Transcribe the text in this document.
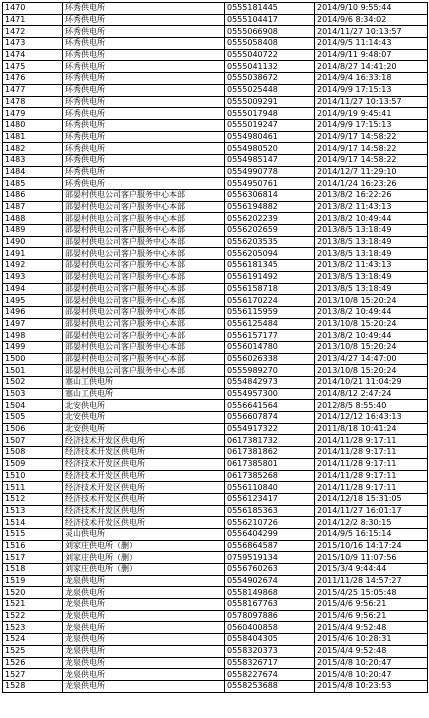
1470	环秀供电所	0555181445	2014/9/10 9:55:44
1471	环秀供电所	0555104417	2014/9/6 8:34:02
1472	环秀供电所	0555066908	2014/11/27 10:13:57
1473	环秀供电所	0555058408	2014/9/5 11:14:43
1474	环秀供电所	0555040722	2014/9/11 9:48:07
1475	环秀供电所	0555041132	2014/8/27 14:41:20
1476	环秀供电所	0555038672	2014/9/4 16:33:18
1477	环秀供电所	0555025448	2014/9/9 17:15:13
1478	环秀供电所	0555009291	2014/11/27 10:13:57
1479	环秀供电所	0555017948	2014/9/19 9:45:41
1480	环秀供电所	0555019247	2014/9/9 17:15:13
1481	环秀供电所	0554980461	2014/9/17 14:58:22
1482	环秀供电所	0554980520	2014/9/17 14:58:22
1483	环秀供电所	0554985147	2014/9/17 14:58:22
1484	环秀供电所	0554990778	2014/12/7 11:29:10
1485	环秀供电所	0554950761	2014/1/24 16:23:26
1486	邵晏村供电公司客户服务中心本部	0556306814	2013/8/2 16:22:26
1487	邵晏村供电公司客户服务中心本部	0556194882	2013/8/2 11:43:13
1488	邵晏村供电公司客户服务中心本部	0556202239	2013/8/2 10:49:44
1489	邵晏村供电公司客户服务中心本部	0556202659	2013/8/5 13:18:49
1490	邵晏村供电公司客户服务中心本部	0556203535	2013/8/5 13:18:49
1491	邵晏村供电公司客户服务中心本部	0556205094	2013/8/5 13:18:49
1492	邵晏村供电公司客户服务中心本部	0556181345	2013/8/2 11:43:13
1493	邵晏村供电公司客户服务中心本部	0556191492	2013/8/5 13:18:49
1494	邵晏村供电公司客户服务中心本部	0556158718	2013/8/5 13:18:49
1495	邵晏村供电公司客户服务中心本部	0556170224	2013/10/8 15:20:24
1496	邵晏村供电公司客户服务中心本部	0556115959	2013/8/2 10:49:44
1497	邵晏村供电公司客户服务中心本部	0556125484	2013/10/8 15:20:24
1498	邵晏村供电公司客户服务中心本部	0556157177	2013/8/2 10:49:44
1499	邵晏村供电公司客户服务中心本部	0556014780	2013/10/8 15:20:24
1500	邵晏村供电公司客户服务中心本部	0556026338	2013/4/27 14:47:00
1501	邵晏村供电公司客户服务中心本部	0555989270	2013/10/8 15:20:24
1502	塞山工供电所	0554842973	2014/10/21 11:04:29
1503	塞山工供电所	0554957300	2014/8/12 2:47:24
1504	北安供电所	0556641564	2012/8/5 8:55:40
1505	北安供电所	0556607874	2014/12/12 16:43:13
1506	北安供电所	0554917322	2011/8/18 10:41:24
1507	经济技术开发区供电所	0617381732	2014/11/28 9:17:11
1508	经济技术开发区供电所	0617381862	2014/11/28 9:17:11
1509	经济技术开发区供电所	0617385801	2014/11/28 9:17:11
1510	经济技术开发区供电所	0617385268	2014/11/28 9:17:11
1511	经济技术开发区供电所	0556110840	2014/11/28 9:17:11
1512	经济技术开发区供电所	0556123417	2014/12/18 15:31:05
1513	经济技术开发区供电所	0556185363	2014/11/27 16:01:17
1514	经济技术开发区供电所	0556210726	2014/12/2 8:30:15
1515	灵山供电所	0556404299	2014/9/5 16:15:14
1516	刘家庄供电所（删）	0556864587	2015/10/16 14:17:24
1517	刘家庄供电所（删）	0759519134	2015/10/9 11:07:56
1518	刘家庄供电所（删）	0556760263	2015/3/4 9:44:44
1519	龙泉供电所	0554902674	2011/11/28 14:57:27
1520	龙泉供电所	0558149868	2015/4/25 15:05:48
1521	龙泉供电所	0558167763	2015/4/6 9:56:21
1522	龙泉供电所	0578097886	2015/4/6 9:56:21
1523	龙泉供电所	0560400858	2015/4/4 9:52:48
1524	龙泉供电所	0558404305	2015/4/6 10:28:31
1525	龙泉供电所	0558320373	2015/4/4 9:52:48
1526	龙泉供电所	0558326717	2015/4/8 10:20:47
1527	龙泉供电所	0558227674	2015/4/8 10:20:47
1528	龙泉供电所	0558253688	2015/4/8 10:23:53
